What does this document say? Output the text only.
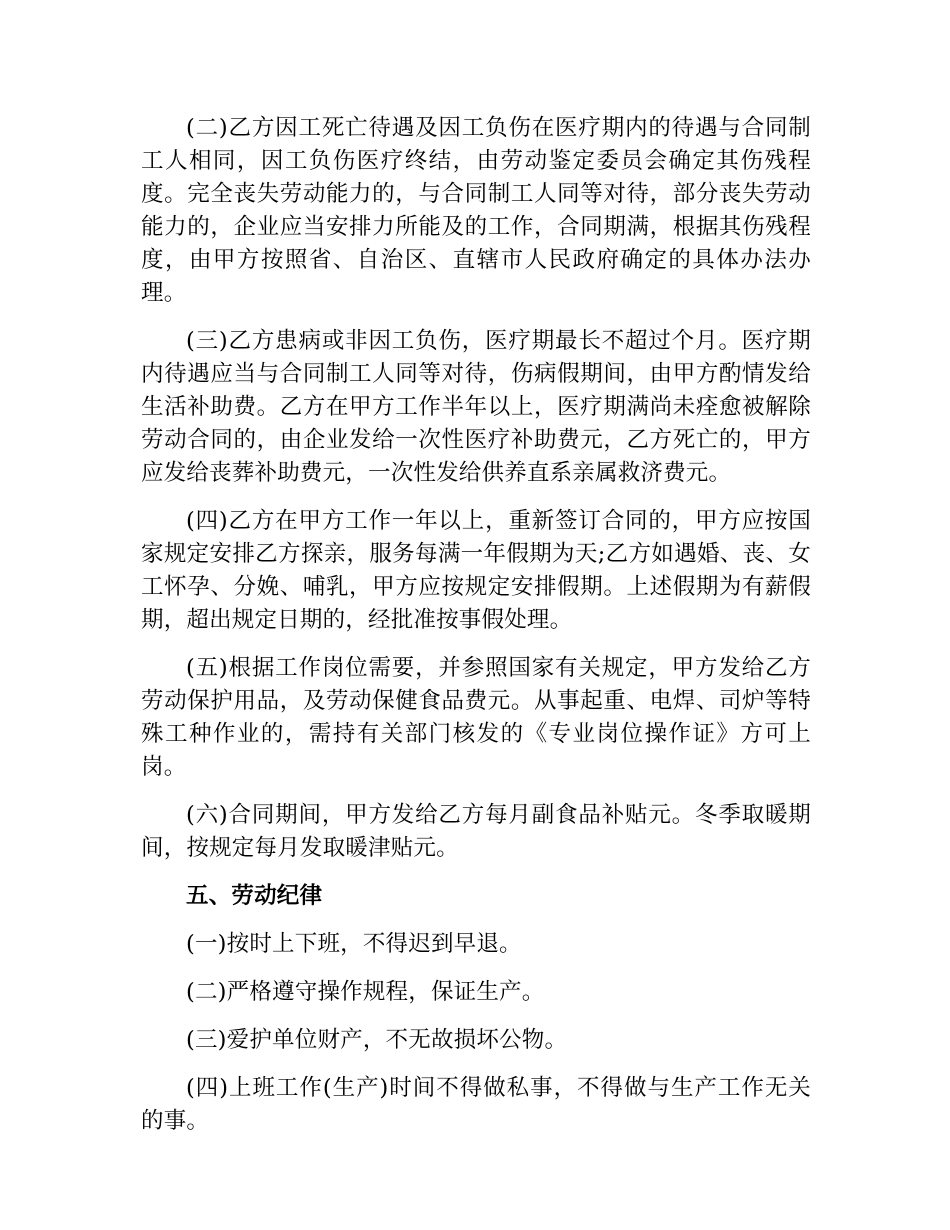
(二)乙方因工死亡待遇及因工负伤在医疗期内的待遇与合同制工人相同，因工负伤医疗终结，由劳动鉴定委员会确定其伤残程度。完全丧失劳动能力的，与合同制工人同等对待，部分丧失劳动能力的，企业应当安排力所能及的工作，合同期满，根据其伤残程度，由甲方按照省、自治区、直辖市人民政府确定的具体办法办理。

(三)乙方患病或非因工负伤，医疗期最长不超过个月。医疗期内待遇应当与合同制工人同等对待，伤病假期间，由甲方酌情发给生活补助费。乙方在甲方工作半年以上，医疗期满尚未痊愈被解除劳动合同的，由企业发给一次性医疗补助费元，乙方死亡的，甲方应发给丧葬补助费元，一次性发给供养直系亲属救济费元。

(四)乙方在甲方工作一年以上，重新签订合同的，甲方应按国家规定安排乙方探亲，服务每满一年假期为天;乙方如遇婚、丧、女工怀孕、分娩、哺乳，甲方应按规定安排假期。上述假期为有薪假期，超出规定日期的，经批准按事假处理。

(五)根据工作岗位需要，并参照国家有关规定，甲方发给乙方劳动保护用品，及劳动保健食品费元。从事起重、电焊、司炉等特殊工种作业的，需持有关部门核发的《专业岗位操作证》方可上岗。

(六)合同期间，甲方发给乙方每月副食品补贴元。冬季取暖期间，按规定每月发取暖津贴元。

五、劳动纪律

(一)按时上下班，不得迟到早退。

(二)严格遵守操作规程，保证生产。

(三)爱护单位财产，不无故损坏公物。

(四)上班工作(生产)时间不得做私事，不得做与生产工作无关的事。
